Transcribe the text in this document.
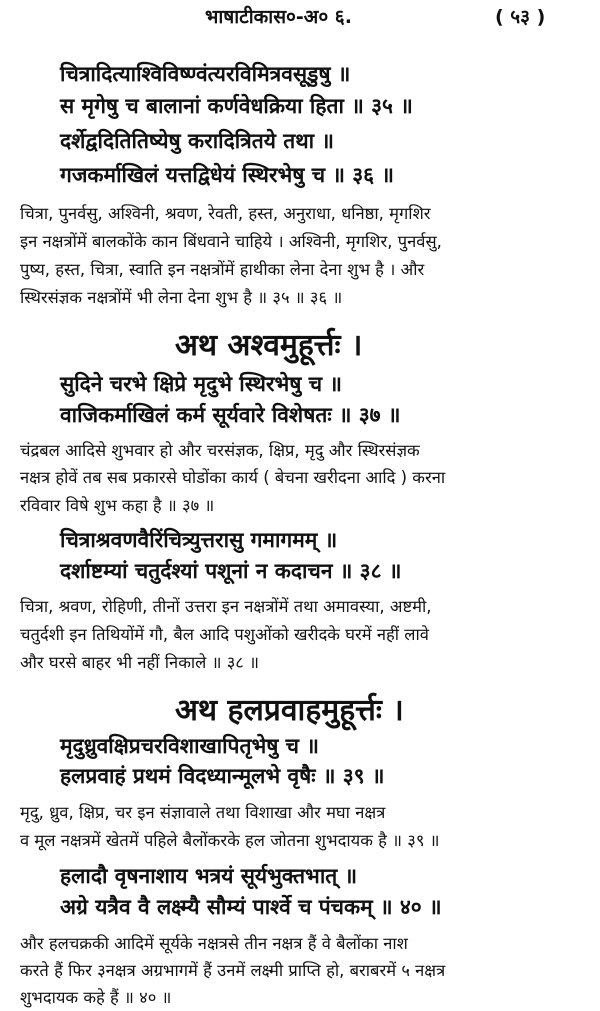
भाषाटीकास०-अ० ६.	( ५३ )
चित्रादित्याश्विविष्ण्वंत्यरविमित्रवसूडुषु ॥
स मृगेषु च बालानां कर्णवेधक्रिया हिता ॥ ३५ ॥
दर्शेद्वदितितिष्येषु करादित्रितये तथा ॥
गजकर्माखिलं यत्तद्विधेयं स्थिरभेषु च ॥ ३६ ॥
चित्रा, पुनर्वसु, अश्विनी, श्रवण, रेवती, हस्त, अनुराधा, धनिष्ठा, मृगशिर
इन नक्षत्रोंमें बालकोंके कान बिंधवाने चाहिये । अश्विनी, मृगशिर, पुनर्वसु,
पुष्य, हस्त, चित्रा, स्वाति इन नक्षत्रोंमें हाथीका लेना देना शुभ है । और
स्थिरसंज्ञक नक्षत्रोंमें भी लेना देना शुभ है ॥ ३५ ॥ ३६ ॥
अथ अश्वमुहूर्त्तः ।
सुदिने चरभे क्षिप्रे मृदुभे स्थिरभेषु च ॥
वाजिकर्माखिलं कर्म सूर्यवारे विशेषतः ॥ ३७ ॥
चंद्रबल आदिसे शुभवार हो और चरसंज्ञक, क्षिप्र, मृदु और स्थिरसंज्ञक
नक्षत्र होवें तब सब प्रकारसे घोडोंका कार्य ( बेचना खरीदना आदि ) करना
रविवार विषे शुभ कहा है ॥ ३७ ॥
चित्राश्रवणवैरिंचित्र्युत्तरासु गमागमम् ॥
दर्शाष्टम्यां चतुर्दश्यां पशूनां न कदाचन ॥ ३८ ॥
चित्रा, श्रवण, रोहिणी, तीनों उत्तरा इन नक्षत्रोंमें तथा अमावस्या, अष्टमी,
चतुर्दशी इन तिथियोंमें गौ, बैल आदि पशुओंको खरीदके घरमें नहीं लावे
और घरसे बाहर भी नहीं निकाले ॥ ३८ ॥
अथ हलप्रवाहमुहूर्त्तः ।
मृदुध्रुवक्षिप्रचरविशाखापितृभेषु च ॥
हलप्रवाहं प्रथमं विदध्यान्मूलभे वृषैः ॥ ३९ ॥
मृदु, ध्रुव, क्षिप्र, चर इन संज्ञावाले तथा विशाखा और मघा नक्षत्र
व मूल नक्षत्रमें खेतमें पहिले बैलोंकरके हल जोतना शुभदायक है ॥ ३९ ॥
हलादौ वृषनाशाय भत्रयं सूर्यभुक्तभात् ॥
अग्रे यत्रैव वै लक्ष्म्यै सौम्यं पार्श्वे च पंचकम् ॥ ४० ॥
और हलचक्रकी आदिमें सूर्यके नक्षत्रसे तीन नक्षत्र हैं वे बैलोंका नाश
करते हैं फिर ३नक्षत्र अग्रभागमें हैं उनमें लक्ष्मी प्राप्ति हो, बराबरमें ५ नक्षत्र
शुभदायक कहे हैं ॥ ४० ॥
